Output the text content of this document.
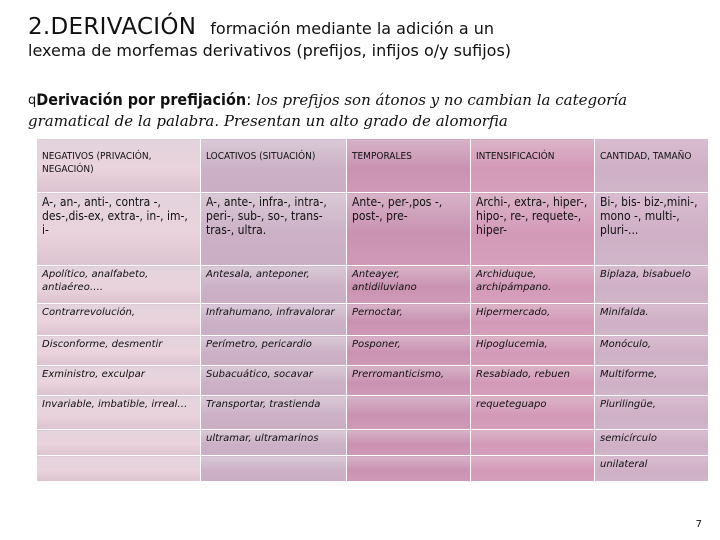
2.DERIVACIÓN formación mediante la adición a un
lexema de morfemas derivativos (prefijos, infijos o/y sufijos)
qDerivación por prefijación: los prefijos son átonos y no cambian la categoría gramatical de la palabra. Presentan un alto grado de alomorfia
NEGATIVOS (PRIVACIÓN, NEGACIÓN)	LOCATIVOS (SITUACIÓN)	TEMPORALES	INTENSIFICACIÓN	CANTIDAD, TAMAÑO
A-, an-, anti-, contra -, des-,dis-ex, extra-, in-, im-, i-	A-, ante-, infra-, intra-, peri-, sub-, so-, trans-tras-, ultra.	Ante-, per-,pos -, post-, pre-	Archi-, extra-, hiper-, hipo-, re-, requete-, hiper-	Bi-, bis- biz-,mini-, mono -, multi-, pluri-...
Apolítico, analfabeto, antiaéreo….	Antesala, anteponer,	Anteayer, antidiluviano	Archiduque, archipámpano.	Biplaza, bisabuelo
Contrarrevolución,	Infrahumano, infravalorar	Pernoctar,	Hipermercado,	Minifalda.
Disconforme, desmentir	Perímetro, pericardio	Posponer,	Hipoglucemia,	Monóculo,
Exministro, exculpar	Subacuático, socavar	Prerromanticismo,	Resabiado, rebuen	Multiforme,
Invariable, imbatible, irreal…	Transportar, trastienda		requeteguapo	Plurilingüe,
	ultramar, ultramarinos			semicírculo
				unilateral
7
